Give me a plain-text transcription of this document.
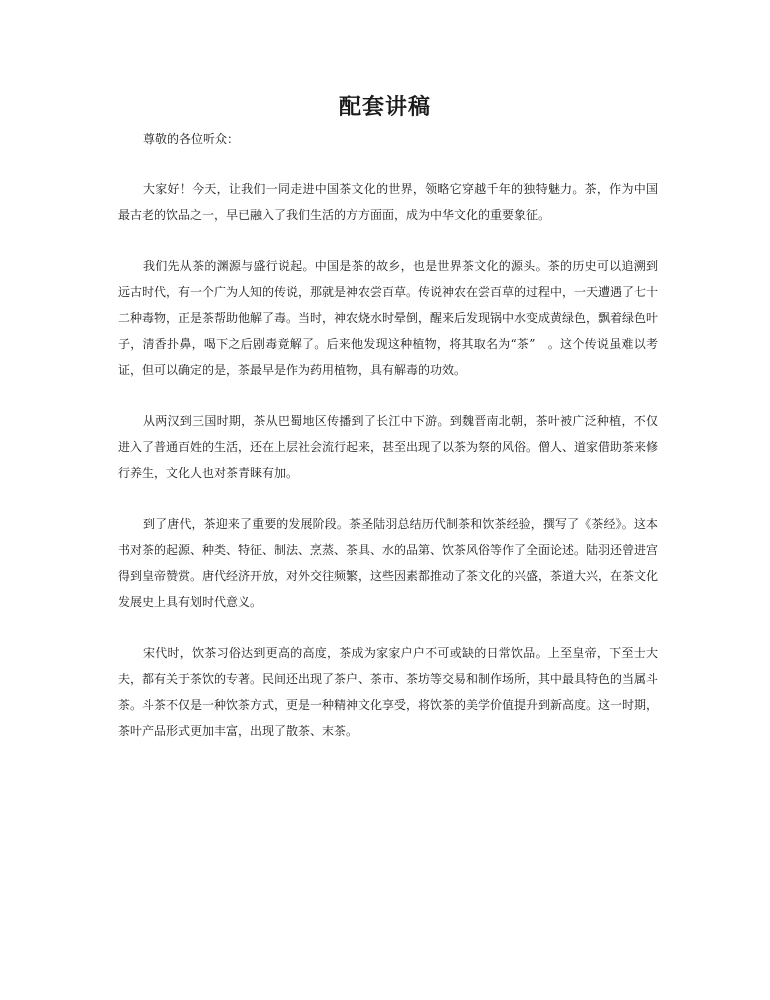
配套讲稿

尊敬的各位听众：

大家好！今天，让我们一同走进中国茶文化的世界，领略它穿越千年的独特魅力。茶，作为中国最古老的饮品之一，早已融入了我们生活的方方面面，成为中华文化的重要象征。

我们先从茶的渊源与盛行说起。中国是茶的故乡，也是世界茶文化的源头。茶的历史可以追溯到远古时代，有一个广为人知的传说，那就是神农尝百草。传说神农在尝百草的过程中，一天遭遇了七十二种毒物，正是茶帮助他解了毒。当时，神农烧水时晕倒，醒来后发现锅中水变成黄绿色，飘着绿色叶子，清香扑鼻，喝下之后剧毒竟解了。后来他发现这种植物，将其取名为“茶”　。这个传说虽难以考证，但可以确定的是，茶最早是作为药用植物，具有解毒的功效。

从两汉到三国时期，茶从巴蜀地区传播到了长江中下游。到魏晋南北朝，茶叶被广泛种植，不仅进入了普通百姓的生活，还在上层社会流行起来，甚至出现了以茶为祭的风俗。僧人、道家借助茶来修行养生，文化人也对茶青睐有加。

到了唐代，茶迎来了重要的发展阶段。茶圣陆羽总结历代制茶和饮茶经验，撰写了《茶经》。这本书对茶的起源、种类、特征、制法、烹蒸、茶具、水的品第、饮茶风俗等作了全面论述。陆羽还曾进宫得到皇帝赞赏。唐代经济开放，对外交往频繁，这些因素都推动了茶文化的兴盛，茶道大兴，在茶文化发展史上具有划时代意义。

宋代时，饮茶习俗达到更高的高度，茶成为家家户户不可或缺的日常饮品。上至皇帝，下至士大夫，都有关于茶饮的专著。民间还出现了茶户、茶市、茶坊等交易和制作场所，其中最具特色的当属斗茶。斗茶不仅是一种饮茶方式，更是一种精神文化享受，将饮茶的美学价值提升到新高度。这一时期，茶叶产品形式更加丰富，出现了散茶、末茶。
